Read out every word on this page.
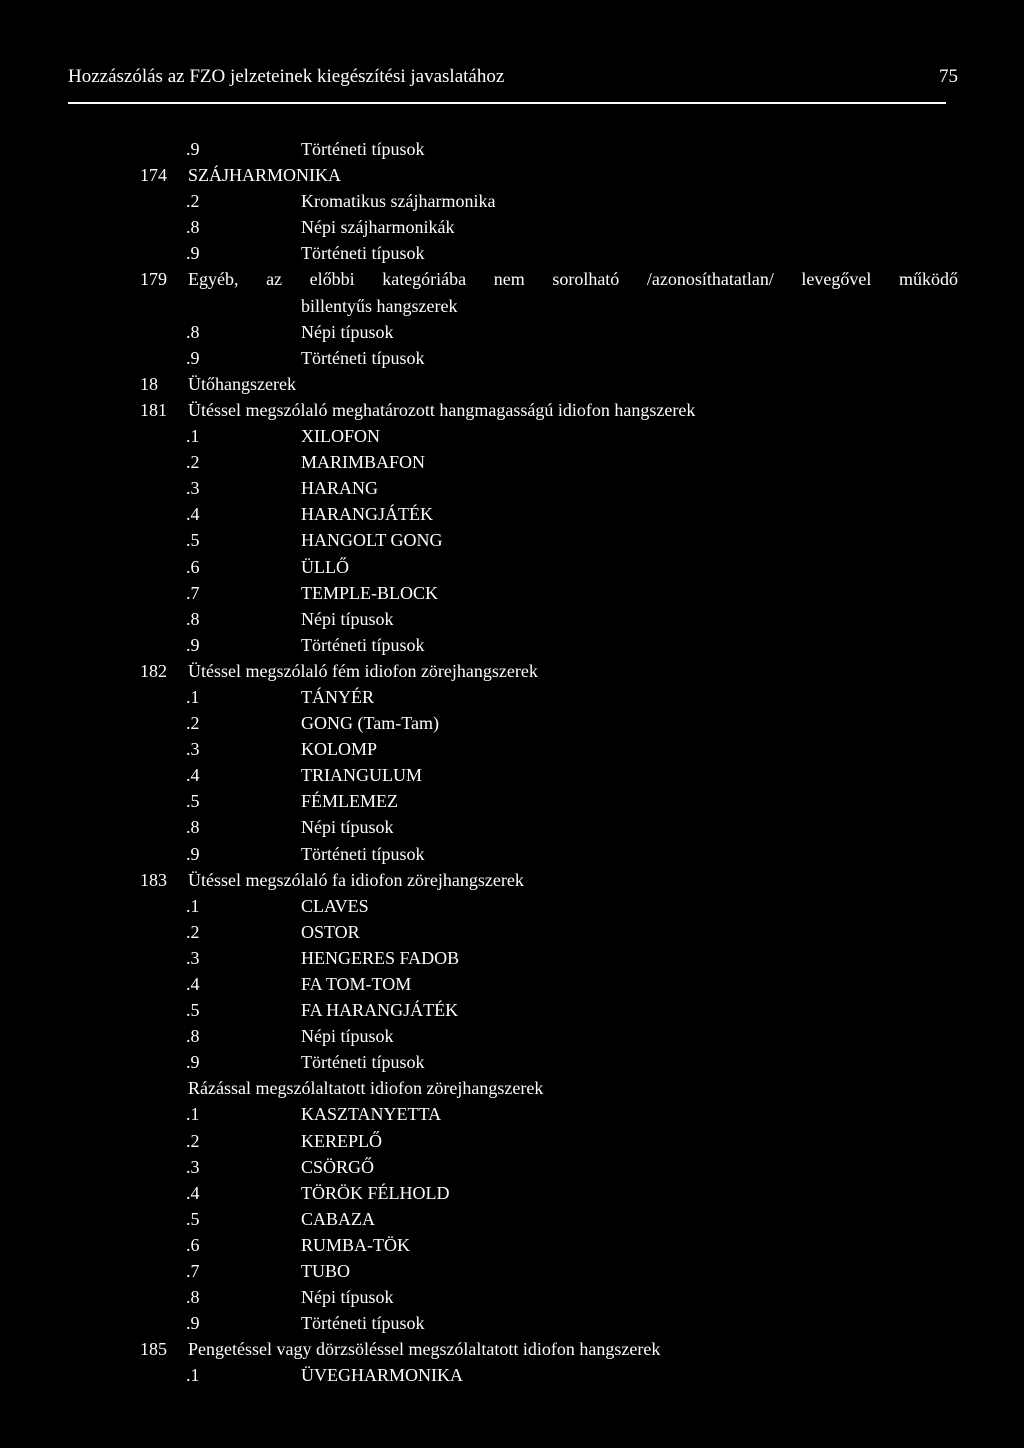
Hozzászólás az FZO jelzeteinek kiegészítési javaslatához	75
.9	Történeti típusok
174	SZÁJHARMONIKA
.2	Kromatikus szájharmonika
.8	Népi szájharmonikák
.9	Történeti típusok
179	Egyéb, az előbbi kategóriába nem sorolható /azonosíthatatlan/ levegővel működő
billentyűs hangszerek
.8	Népi típusok
.9	Történeti típusok
18	Ütőhangszerek
181	Ütéssel megszólaló meghatározott hangmagasságú idiofon hangszerek
.1	XILOFON
.2	MARIMBAFON
.3	HARANG
.4	HARANGJÁTÉK
.5	HANGOLT GONG
.6	ÜLLŐ
.7	TEMPLE-BLOCK
.8	Népi típusok
.9	Történeti típusok
182	Ütéssel megszólaló fém idiofon zörejhangszerek
.1	TÁNYÉR
.2	GONG (Tam-Tam)
.3	KOLOMP
.4	TRIANGULUM
.5	FÉMLEMEZ
.8	Népi típusok
.9	Történeti típusok
183	Ütéssel megszólaló fa idiofon zörejhangszerek
.1	CLAVES
.2	OSTOR
.3	HENGERES FADOB
.4	FA TOM-TOM
.5	FA HARANGJÁTÉK
.8	Népi típusok
.9	Történeti típusok
Rázással megszólaltatott idiofon zörejhangszerek
.1	KASZTANYETTA
.2	KEREPLŐ
.3	CSÖRGŐ
.4	TÖRÖK FÉLHOLD
.5	CABAZA
.6	RUMBA-TÖK
.7	TUBO
.8	Népi típusok
.9	Történeti típusok
185	Pengetéssel vagy dörzsöléssel megszólaltatott idiofon hangszerek
.1	ÜVEGHARMONIKA
